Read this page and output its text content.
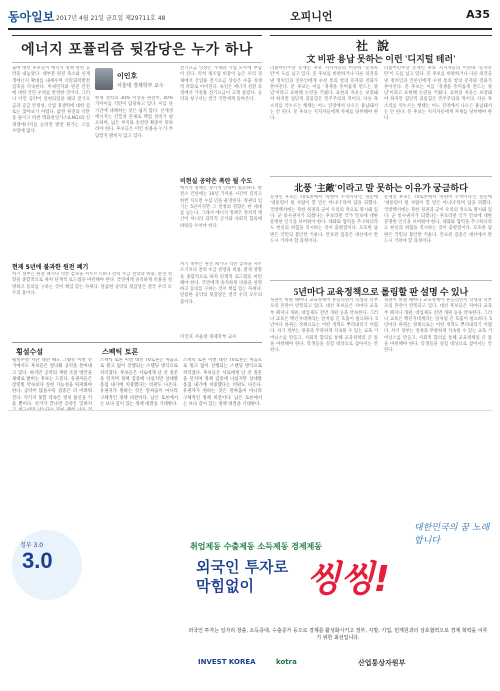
동아일보 2017년 4월 21일 금요일 제29711호 48	오피니언	A35
에너지 포퓰리즘 뒷감당은 누가 하나
출마 대선 후보들이 에너지 정책 관련 공약을 내놓았다. 대부분 원전 축소와 신재생에너지 확대를 내세우며 석탄화력발전 감축을 약속한다. 미세먼지와 원전 안전에 대한 국민 우려를 반영한 것이다. 그러나 이런 공약이 실현되었을 때의 전기요금과 공급 안정성, 산업 경쟁력에 대한 검토는 찾아보기 어렵다. 값싼 원전과 석탄을 줄이고 비싼 액화천연가스(LNG)와 신재생에너지를 늘리면 발전 원가는 오를 수밖에 없다.
이인호
서울대 경제학부 교수
현재 전력의 30% 이상을 원전이, 40% 가까이를 석탄이 담당하고 있다. 이를 단기간에 대체하는 것은 쉽지 않다. 신재생에너지는 간헐성 문제로 백업 설비가 필요하며, 넓은 부지와 송전망 확충이 뒤따라야 한다. 후보들은 이런 비용을 누가 부담할지 밝히지 않고 있다.
전기요금 인상은 가계와 기업 모두에 부담이 된다. 특히 제조업 비중이 높은 우리 경제에서 산업용 전기요금 상승은 수출 경쟁력 약화로 이어진다. 독일은 에너지 전환 과정에서 가정용 전기요금이 크게 올랐다. 공약의 청구서는 결국 국민에게 돌아온다.
비현실 공약은 폭탄 될 수도
에너지 정책은 장기적 안목이 필요하다. 발전소 건설에는 10년 가까운 시간이 걸리고 한번 지으면 수십 년을 운영한다. 정권의 임기는 5년이지만 그 결정의 영향은 한 세대를 넘는다. 그래서 에너지 정책은 정치적 계산이 아니라 과학적 근거와 사회적 합의에 바탕을 두어야 한다.
현재 5년에 불과한 원전 폐기
차기 정부는 원전 폐기나 석탄 감축을 서두르기보다 전력 수급 전망과 비용, 환경 영향을 종합적으로 따져 단계적 로드맵을 마련해야 한다. 국민에게 솔직하게 비용을 설명하고 동의를 구하는 것이 책임 있는 자세다. 달콤한 공약의 뒷감당은 결국 우리 모두의 몫이다.
차기 정부는 원전 폐기나 석탄 감축을 서두르기보다 전력 수급 전망과 비용, 환경 영향을 종합적으로 따져 단계적 로드맵을 마련해야 한다. 국민에게 솔직하게 비용을 설명하고 동의를 구하는 것이 책임 있는 자세다. 달콤한 공약의 뒷감당은 결국 우리 모두의 몫이다.
이인호 서울대 경제학부 교수
횡설수설	스펙틱 토론
횡설수설 지난 대선 때도 그랬듯 이번 선거에서도 후보들은 앞다퉈 공약을 쏟아내고 있다. 하지만 공약의 재원 조달 방안을 제대로 밝히는 후보는 드물다. 유권자들은 장밋빛 약속보다 실현 가능성을 따져봐야 한다. 공약이 많을수록 검증은 더 어려워진다. 지키지 못할 약속은 정치 불신을 키울 뿐이다. 선거가 끝나면 공약은 잊혀지
스펙틱 토론 이번 대선 TV토론은 처음으로 원고 없이 진행되는 스탠딩 방식으로 치러졌다. 후보들은 서로에게 날 선 질문을 던지며 정책 검증에 나섰지만 상대방 흠집 내기에 치중했다는 비판도 나온다. 유권자가 원하는 것은 말싸움이 아니라 구체적인 정책 비전이다. 남은 토론에서는 보다 깊이 있는 정책 대결을 기대한다.
스펙틱 토론 이번 대선 TV토론은 처음으로 원고 없이 진행되는 스탠딩 방식으로 치러졌다. 후보들은 서로에게 날 선 질문을 던지며 정책 검증에 나섰지만 상대방 흠집 내기에 치중했다는 비판도 나온다. 유권자가 원하는 것은 말싸움이 아니라 구체적인 정책 비전이다. 남은 토론에서는 보다 깊이 있는 정책 대결을 기대한다.
社 說
文 비판 용납 못하는 이런 '디지털 테러'
더불어민주당 문재인 후보 지지자들의 이른바 '문자폭탄'이 도를 넘고 있다. 문 후보를 비판하거나 다른 의견을 낸 정치인과 언론인에게 수천 통의 항의 문자와 전화가 쏟아진다. 문 후보는 이를 '경쟁을 흥미롭게 만드는 양념'이라고 표현해 논란을 키웠다. 표현의 자유는 보장돼야 하지만 집단적 괴롭힘은 민주주의의 적이다. 다른 목소리를 억누르는 행태는 어느 진영에서 나오든 용납돼서는 안 된다. 문 후보는 지지자들에게 자제를 당부해야 한다.
더불어민주당 문재인 후보 지지자들의 이른바 '문자폭탄'이 도를 넘고 있다. 문 후보를 비판하거나 다른 의견을 낸 정치인과 언론인에게 수천 통의 항의 문자와 전화가 쏟아진다. 문 후보는 이를 '경쟁을 흥미롭게 만드는 양념'이라고 표현해 논란을 키웠다. 표현의 자유는 보장돼야 하지만 집단적 괴롭힘은 민주주의의 적이다. 다른 목소리를 억누르는 행태는 어느 진영에서 나오든 용납돼서는 안 된다. 문 후보는 지지자들에게 자제를 당부해야 한다.
北풍 '主敵'이라고 말 못하는 이유가 궁금하다
문재인 후보는 TV토론에서 '북한이 주적이냐'는 질문에 '대통령이 될 사람이 할 말은 아니다'라며 답을 피했다. 국방백서에는 북한 정권과 군이 우리의 적으로 명시돼 있다. 군 통수권자가 되겠다는 후보라면 국가 안보에 대한 분명한 인식을 보여줘야 한다. 대화와 협력을 추구하더라도 현실의 위협을 직시하는 것이 출발점이다. 모호한 답변은 국민의 불안만 키운다. 안보관 검증은 대선에서 반드시 거쳐야 할 과정이다.
문재인 후보는 TV토론에서 '북한이 주적이냐'는 질문에 '대통령이 될 사람이 할 말은 아니다'라며 답을 피했다. 국방백서에는 북한 정권과 군이 우리의 적으로 명시돼 있다. 군 통수권자가 되겠다는 후보라면 국가 안보에 대한 분명한 인식을 보여줘야 한다. 대화와 협력을 추구하더라도 현실의 위협을 직시하는 것이 출발점이다. 모호한 답변은 국민의 불안만 키운다. 안보관 검증은 대선에서 반드시 거쳐야 할 과정이다.
5년마다 교육정책으로 롤링할 판 설명 수 있나
정권이 바뀔 때마다 교육정책이 흔들리면서 학생과 학부모의 혼란이 반복되고 있다. 대선 후보들은 저마다 교육부 폐지나 개편, 대입제도 전면 개편 등을 약속한다. 그러나 교육은 백년지대계라는 말처럼 긴 호흡이 필요하다. 5년마다 바뀌는 정책으로는 어떤 개혁도 뿌리내리기 어렵다. 차기 정부는 정권과 무관하게 지속될 수 있는 교육 거버넌스를 만들고, 사회적 합의를 통해 교육정책의 큰 틀을 마련해야 한다. 학생들을 실험 대상으로 삼아서는 안 된다.
정권이 바뀔 때마다 교육정책이 흔들리면서 학생과 학부모의 혼란이 반복되고 있다. 대선 후보들은 저마다 교육부 폐지나 개편, 대입제도 전면 개편 등을 약속한다. 그러나 교육은 백년지대계라는 말처럼 긴 호흡이 필요하다. 5년마다 바뀌는 정책으로는 어떤 개혁도 뿌리내리기 어렵다. 차기 정부는 정권과 무관하게 지속될 수 있는 교육 거버넌스를 만들고, 사회적 합의를 통해 교육정책의 큰 틀을 마련해야 한다. 학생들을 실험 대상으로 삼아서는 안 된다.
정부 3.0
3.0
취업제동 수출제동 소득제동 경제제동
외국인 투자로
막힘없이 씽씽!
대한민국의 꿈 노래합니다
외국인 투자는 일자리 창출, 소득증대, 수출증가 등으로 경제를 활성화시키고 정부, 지방, 기업, 민재원과의 상호협력으로 경제 혁력을 이루기 위한 최선입니다.
INVEST KOREA	kotra	산업통상자원부
